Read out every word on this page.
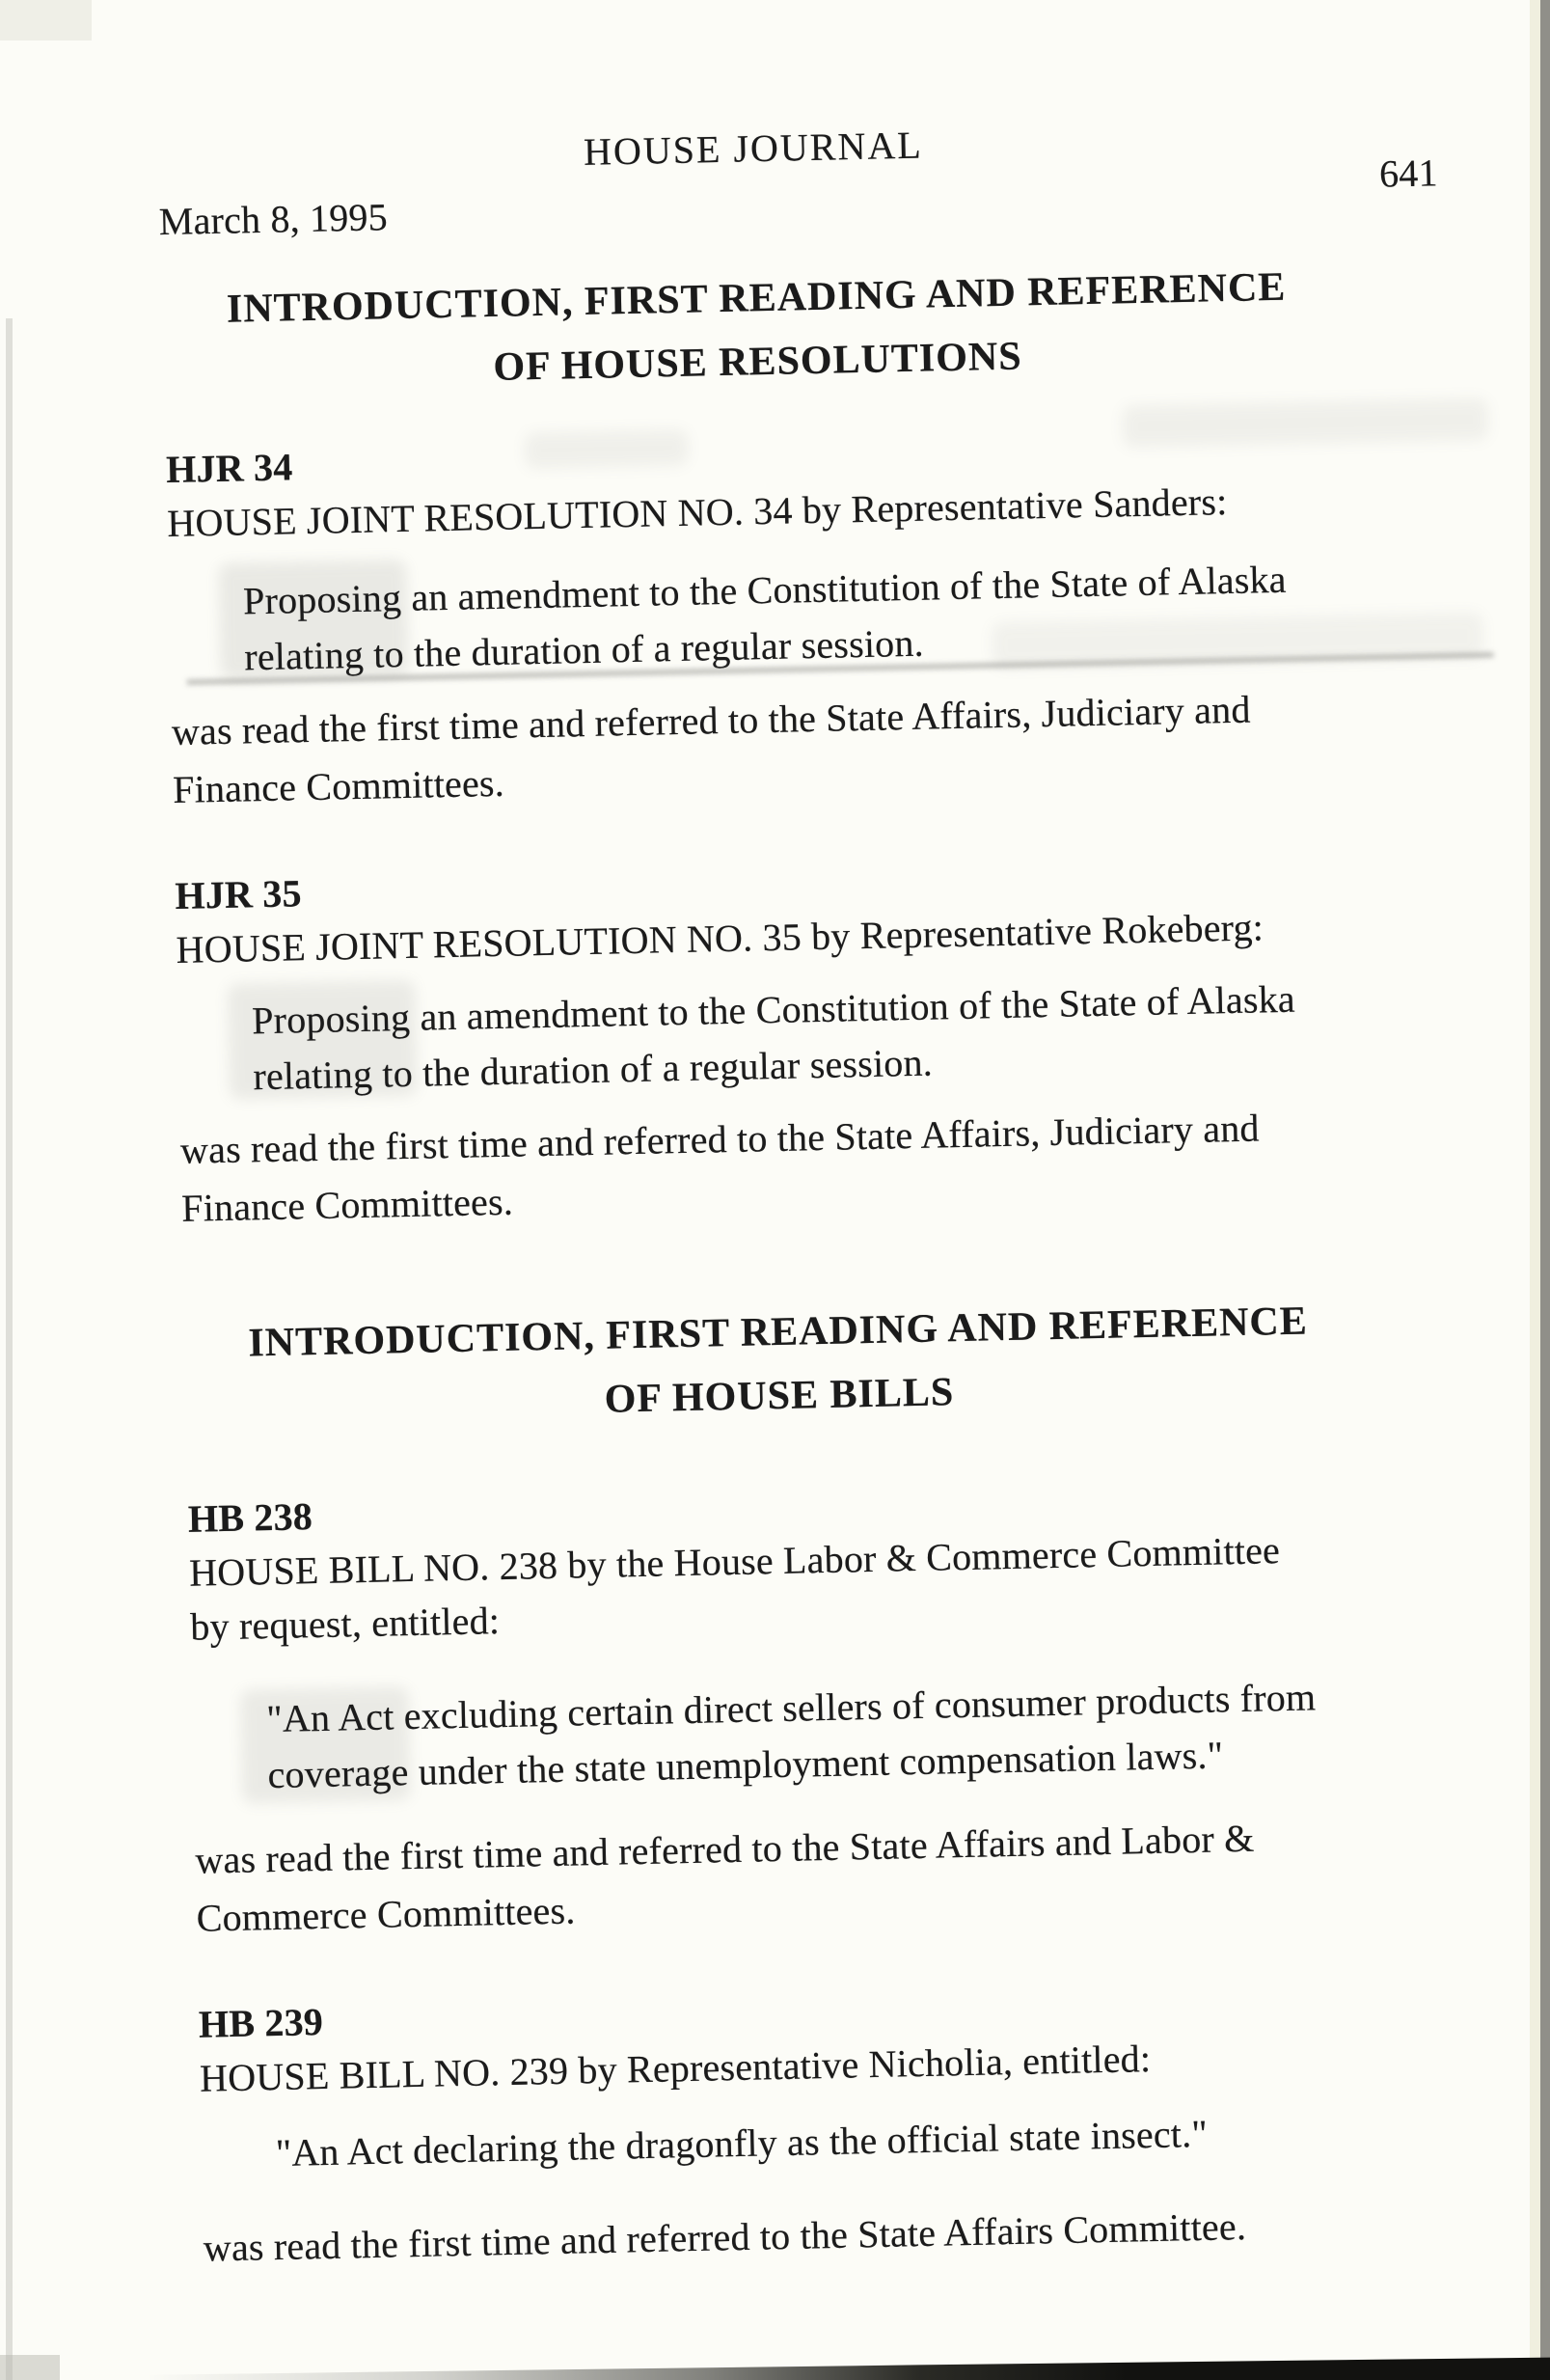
HOUSE JOURNAL	641
March 8, 1995
INTRODUCTION, FIRST READING AND REFERENCE
OF HOUSE RESOLUTIONS
HJR 34
HOUSE JOINT RESOLUTION NO. 34 by Representative Sanders:
Proposing an amendment to the Constitution of the State of Alaska
relating to the duration of a regular session.
was read the first time and referred to the State Affairs, Judiciary and
Finance Committees.
HJR 35
HOUSE JOINT RESOLUTION NO. 35 by Representative Rokeberg:
Proposing an amendment to the Constitution of the State of Alaska
relating to the duration of a regular session.
was read the first time and referred to the State Affairs, Judiciary and
Finance Committees.
INTRODUCTION, FIRST READING AND REFERENCE
OF HOUSE BILLS
HB 238
HOUSE BILL NO. 238 by the House Labor & Commerce Committee
by request, entitled:
"An Act excluding certain direct sellers of consumer products from
coverage under the state unemployment compensation laws."
was read the first time and referred to the State Affairs and Labor &
Commerce Committees.
HB 239
HOUSE BILL NO. 239 by Representative Nicholia, entitled:
"An Act declaring the dragonfly as the official state insect."
was read the first time and referred to the State Affairs Committee.
